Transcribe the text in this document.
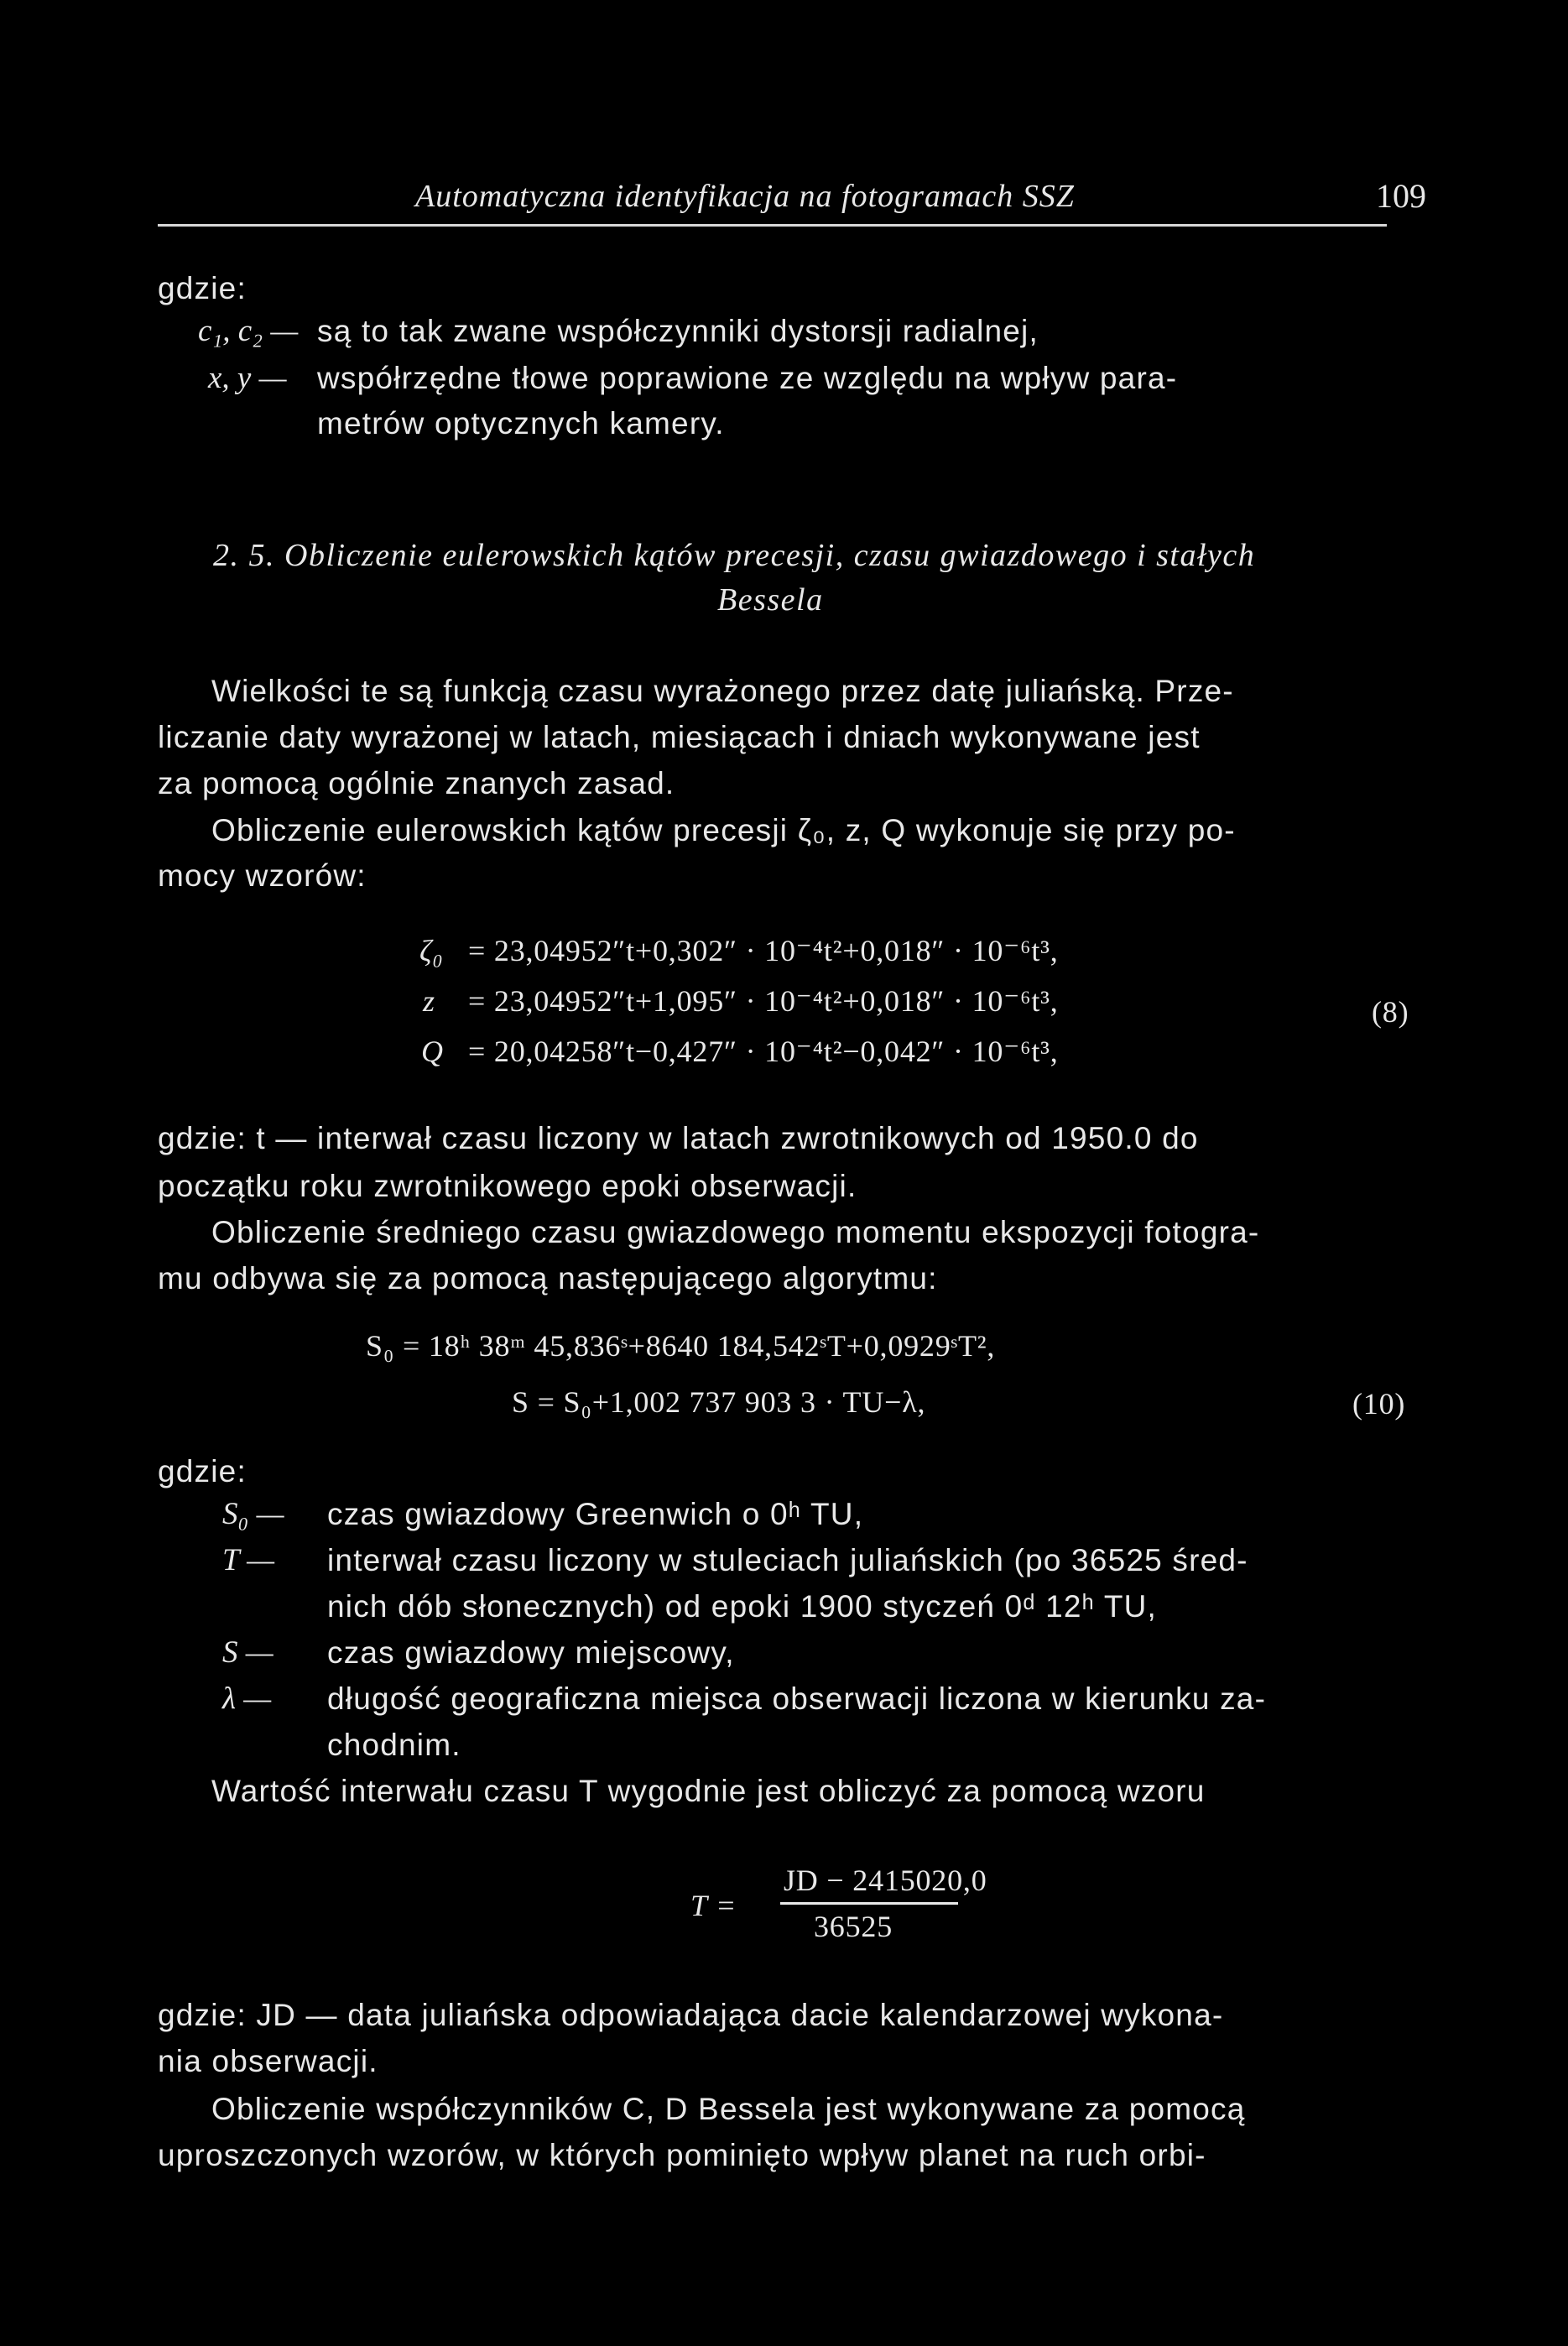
Automatyczna identyfikacja na fotogramach SSZ	109
gdzie:
c₁, c₂ — są to tak zwane współczynniki dystorsji radialnej,
x, y — współrzędne tłowe poprawione ze względu na wpływ para-
metrów optycznych kamery.
2. 5. Obliczenie eulerowskich kątów precesji, czasu gwiazdowego i stałych
Bessela
Wielkości te są funkcją czasu wyrażonego przez datę juliańską. Prze-
liczanie daty wyrażonej w latach, miesiącach i dniach wykonywane jest
za pomocą ogólnie znanych zasad.
Obliczenie eulerowskich kątów precesji ζ₀, z, Q wykonuje się przy po-
mocy wzorów:
ζ₀ = 23,04952″t+0,302″ · 10⁻⁴t²+0,018″ · 10⁻⁶t³,
z = 23,04952″t+1,095″ · 10⁻⁴t²+0,018″ · 10⁻⁶t³,
Q = 20,04258″t−0,427″ · 10⁻⁴t²−0,042″ · 10⁻⁶t³,
(8)
gdzie: t — interwał czasu liczony w latach zwrotnikowych od 1950.0 do
początku roku zwrotnikowego epoki obserwacji.
Obliczenie średniego czasu gwiazdowego momentu ekspozycji fotogra-
mu odbywa się za pomocą następującego algorytmu:
S₀ = 18ʰ 38ᵐ 45,836ˢ+8640 184,542ˢT+0,0929ˢT²,
S = S₀+1,002 737 903 3 · TU−λ,	(10)
gdzie:
S₀ — czas gwiazdowy Greenwich o 0ʰ TU,
T — interwał czasu liczony w stuleciach juliańskich (po 36525 śred-
nich dób słonecznych) od epoki 1900 styczeń 0ᵈ 12ʰ TU,
S — czas gwiazdowy miejscowy,
λ — długość geograficzna miejsca obserwacji liczona w kierunku za-
chodnim.
Wartość interwału czasu T wygodnie jest obliczyć za pomocą wzoru
T =
JD − 2415020,0
36525
gdzie: JD — data juliańska odpowiadająca dacie kalendarzowej wykona-
nia obserwacji.
Obliczenie współczynników C, D Bessela jest wykonywane za pomocą
uproszczonych wzorów, w których pominięto wpływ planet na ruch orbi-
